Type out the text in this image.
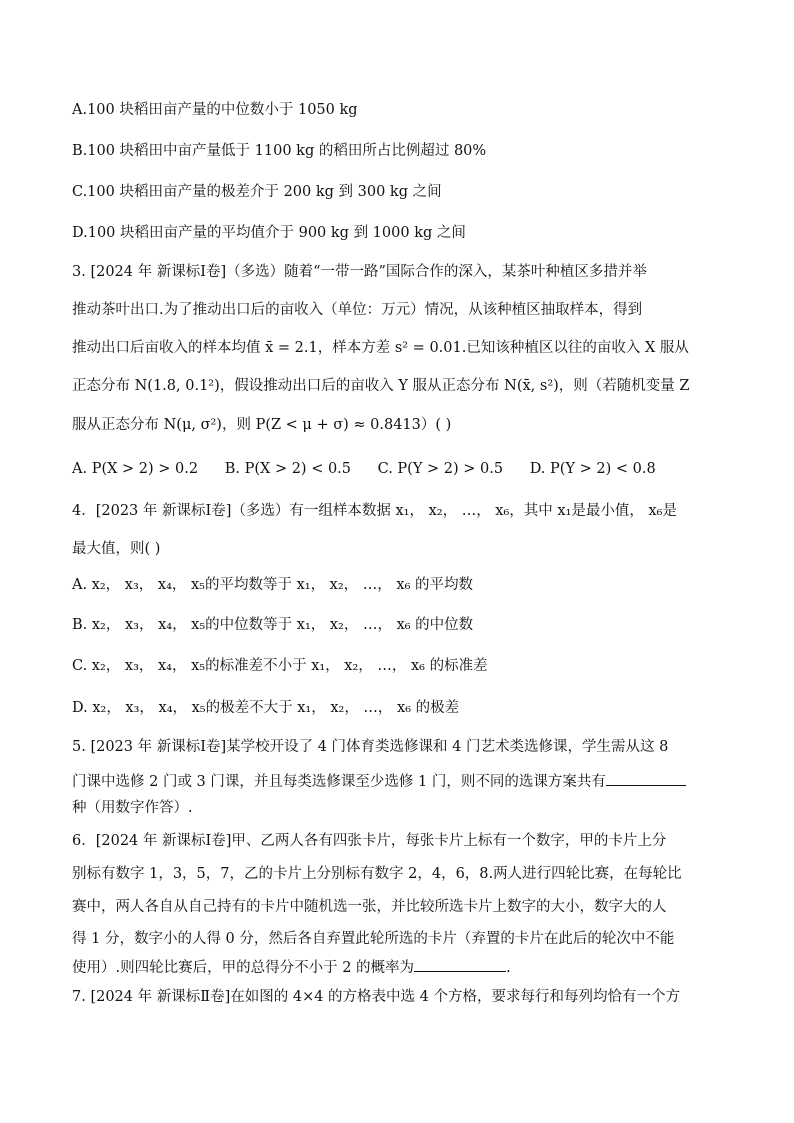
A.100 块稻田亩产量的中位数小于 1050 kg
B.100 块稻田中亩产量低于 1100 kg 的稻田所占比例超过 80%
C.100 块稻田亩产量的极差介于 200 kg 到 300 kg 之间
D.100 块稻田亩产量的平均值介于 900 kg 到 1000 kg 之间
3. [2024 年 新课标Ⅰ卷]（多选）随着“一带一路”国际合作的深入，某茶叶种植区多措并举
推动茶叶出口.为了推动出口后的亩收入（单位：万元）情况，从该种植区抽取样本，得到
推动出口后亩收入的样本均值 x̄ = 2.1，样本方差 s² = 0.01.已知该种植区以往的亩收入 X 服从
正态分布 N(1.8, 0.1²)，假设推动出口后的亩收入 Y 服从正态分布 N(x̄, s²)，则（若随机变量 Z
服从正态分布 N(μ, σ²)，则 P(Z < μ + σ) ≈ 0.8413）( )
A. P(X > 2) > 0.2 B. P(X > 2) < 0.5 C. P(Y > 2) > 0.5 D. P(Y > 2) < 0.8
4．[2023 年 新课标Ⅰ卷]（多选）有一组样本数据 x₁， x₂， …， x₆，其中 x₁是最小值， x₆是
最大值，则( )
A. x₂， x₃， x₄， x₅的平均数等于 x₁， x₂， …， x₆ 的平均数
B. x₂， x₃， x₄， x₅的中位数等于 x₁， x₂， …， x₆ 的中位数
C. x₂， x₃， x₄， x₅的标准差不小于 x₁， x₂， …， x₆ 的标准差
D. x₂， x₃， x₄， x₅的极差不大于 x₁， x₂， …， x₆ 的极差
5. [2023 年 新课标Ⅰ卷]某学校开设了 4 门体育类选修课和 4 门艺术类选修课，学生需从这 8
门课中选修 2 门或 3 门课，并且每类选修课至少选修 1 门，则不同的选课方案共有
种（用数字作答）.
6．[2024 年 新课标Ⅰ卷]甲、乙两人各有四张卡片，每张卡片上标有一个数字，甲的卡片上分
别标有数字 1，3，5，7，乙的卡片上分别标有数字 2，4，6，8.两人进行四轮比赛，在每轮比
赛中，两人各自从自己持有的卡片中随机选一张，并比较所选卡片上数字的大小，数字大的人
得 1 分，数字小的人得 0 分，然后各自弃置此轮所选的卡片（弃置的卡片在此后的轮次中不能
使用）.则四轮比赛后，甲的总得分不小于 2 的概率为	.
7. [2024 年 新课标Ⅱ卷]在如图的 4×4 的方格表中选 4 个方格，要求每行和每列均恰有一个方
